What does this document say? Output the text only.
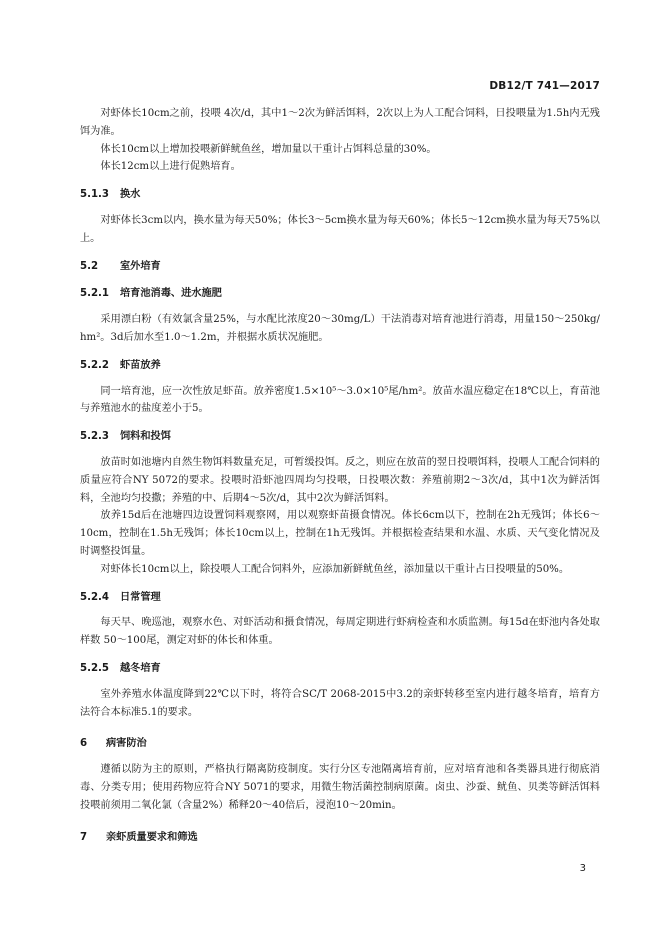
DB12/T 741—2017

对虾体长10cm之前，投喂 4次/d，其中1～2次为鲜活饵料，2次以上为人工配合饲料，日投喂量为1.5h内无残饵为准。

体长10cm以上增加投喂新鲜鱿鱼丝，增加量以干重计占饵料总量的30%。

体长12cm以上进行促熟培育。

5.1.3 换水

对虾体长3cm以内，换水量为每天50%；体长3～5cm换水量为每天60%；体长5～12cm换水量为每天75%以上。

5.2 室外培育
5.2.1 培育池消毒、进水施肥

采用漂白粉（有效氯含量25%，与水配比浓度20～30mg/L）干法消毒对培育池进行消毒，用量150～250kg/ hm²。3d后加水至1.0～1.2m，并根据水质状况施肥。

5.2.2 虾苗放养

同一培育池，应一次性放足虾苗。放养密度1.5×10⁵～3.0×10⁵尾/hm²。放苗水温应稳定在18℃以上，育苗池与养殖池水的盐度差小于5。

5.2.3 饲料和投饵

放苗时如池塘内自然生物饵料数量充足，可暂缓投饵。反之，则应在放苗的翌日投喂饵料，投喂人工配合饲料的质量应符合NY 5072的要求。投喂时沿虾池四周均匀投喂，日投喂次数：养殖前期2～3次/d，其中1次为鲜活饵料，全池均匀投撒；养殖的中、后期4～5次/d，其中2次为鲜活饵料。

放养15d后在池塘四边设置饲料观察网，用以观察虾苗摄食情况。体长6cm以下，控制在2h无残饵；体长6～10cm，控制在1.5h无残饵；体长10cm以上，控制在1h无残饵。并根据检查结果和水温、水质、天气变化情况及时调整投饵量。

对虾体长10cm以上，除投喂人工配合饲料外，应添加新鲜鱿鱼丝，添加量以干重计占日投喂量的50%。

5.2.4 日常管理

每天早、晚巡池，观察水色、对虾活动和摄食情况，每周定期进行虾病检查和水质监测。每15d在虾池内各处取样数 50～100尾，测定对虾的体长和体重。

5.2.5 越冬培育

室外养殖水体温度降到22℃以下时，将符合SC/T 2068-2015中3.2的亲虾转移至室内进行越冬培育，培育方法符合本标准5.1的要求。

6 病害防治

遵循以防为主的原则，严格执行隔离防疫制度。实行分区专池隔离培育前，应对培育池和各类器具进行彻底消毒、分类专用；使用药物应符合NY 5071的要求，用微生物活菌控制病原菌。卤虫、沙蚕、鱿鱼、贝类等鲜活饵料投喂前须用二氧化氯（含量2%）稀释20～40倍后，浸泡10～20min。

7 亲虾质量要求和筛选
3
